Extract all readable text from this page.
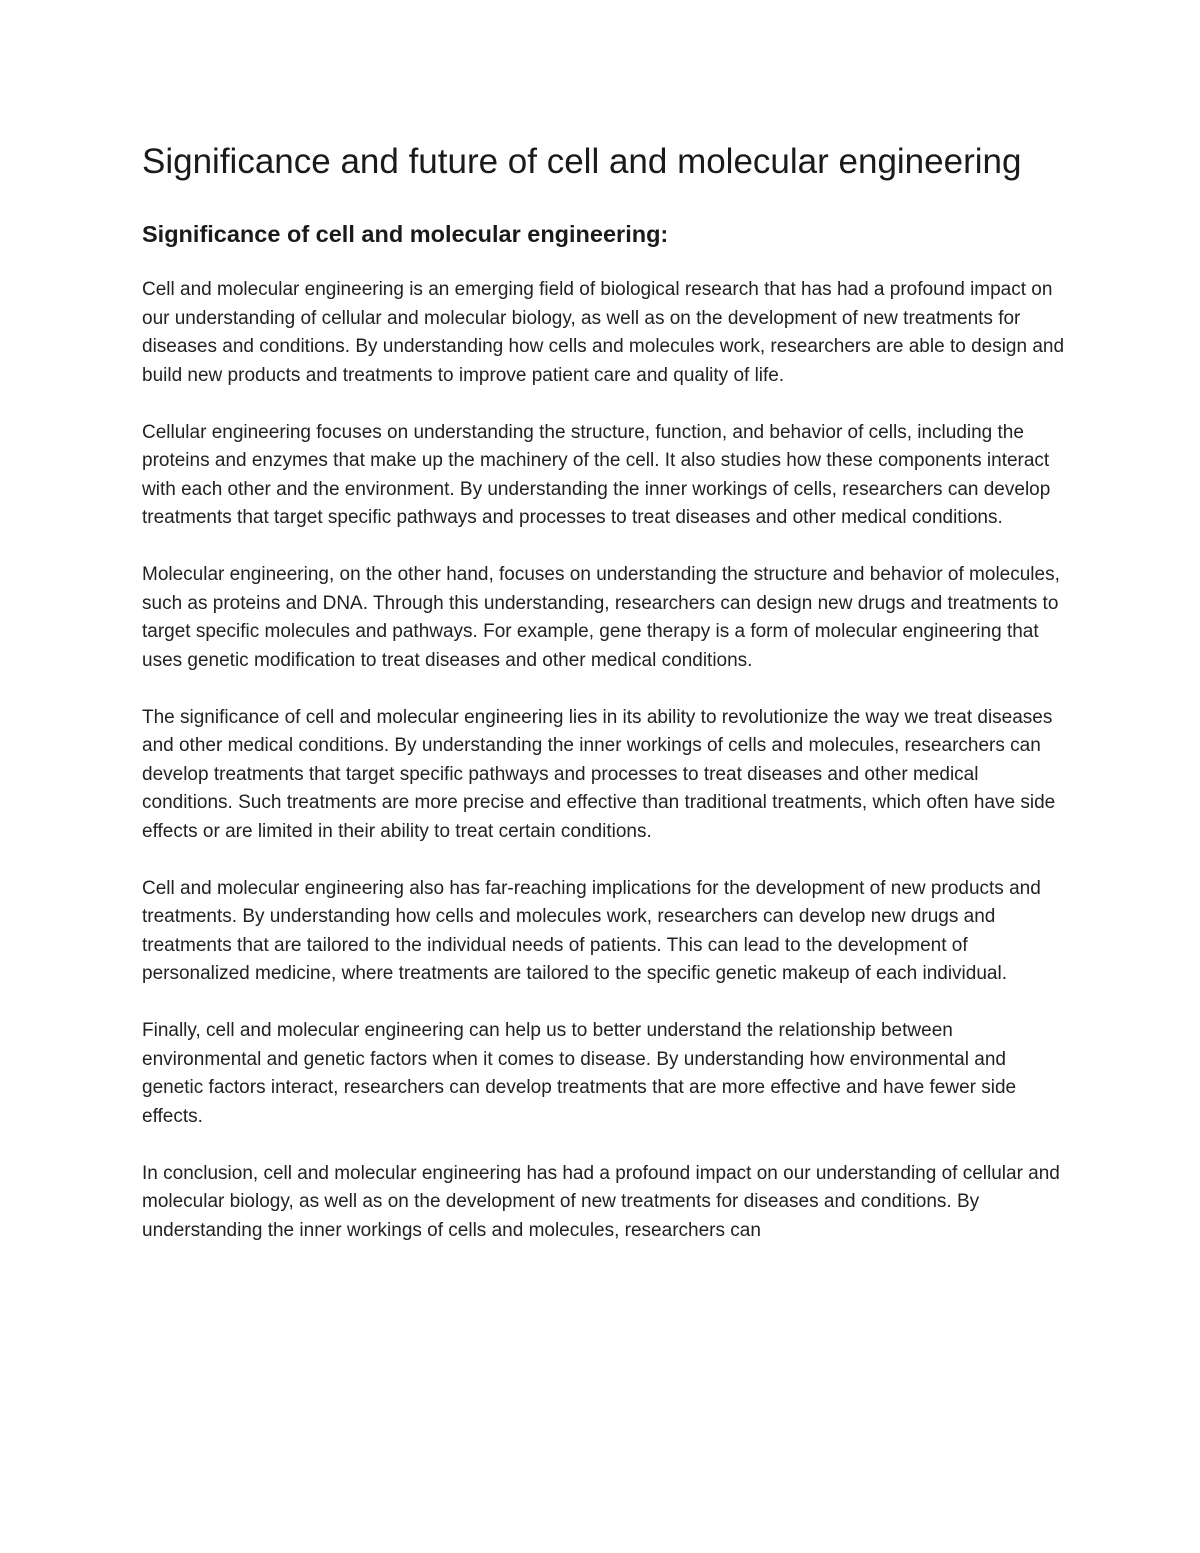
Significance and future of cell and molecular engineering
Significance of cell and molecular engineering:

Cell and molecular engineering is an emerging field of biological research that has had a profound impact on our understanding of cellular and molecular biology, as well as on the development of new treatments for diseases and conditions. By understanding how cells and molecules work, researchers are able to design and build new products and treatments to improve patient care and quality of life.

Cellular engineering focuses on understanding the structure, function, and behavior of cells, including the proteins and enzymes that make up the machinery of the cell. It also studies how these components interact with each other and the environment. By understanding the inner workings of cells, researchers can develop treatments that target specific pathways and processes to treat diseases and other medical conditions.

Molecular engineering, on the other hand, focuses on understanding the structure and behavior of molecules, such as proteins and DNA. Through this understanding, researchers can design new drugs and treatments to target specific molecules and pathways. For example, gene therapy is a form of molecular engineering that uses genetic modification to treat diseases and other medical conditions.

The significance of cell and molecular engineering lies in its ability to revolutionize the way we treat diseases and other medical conditions. By understanding the inner workings of cells and molecules, researchers can develop treatments that target specific pathways and processes to treat diseases and other medical conditions. Such treatments are more precise and effective than traditional treatments, which often have side effects or are limited in their ability to treat certain conditions.

Cell and molecular engineering also has far-reaching implications for the development of new products and treatments. By understanding how cells and molecules work, researchers can develop new drugs and treatments that are tailored to the individual needs of patients. This can lead to the development of personalized medicine, where treatments are tailored to the specific genetic makeup of each individual.

Finally, cell and molecular engineering can help us to better understand the relationship between environmental and genetic factors when it comes to disease. By understanding how environmental and genetic factors interact, researchers can develop treatments that are more effective and have fewer side effects.

In conclusion, cell and molecular engineering has had a profound impact on our understanding of cellular and molecular biology, as well as on the development of new treatments for diseases and conditions. By understanding the inner workings of cells and molecules, researchers can
